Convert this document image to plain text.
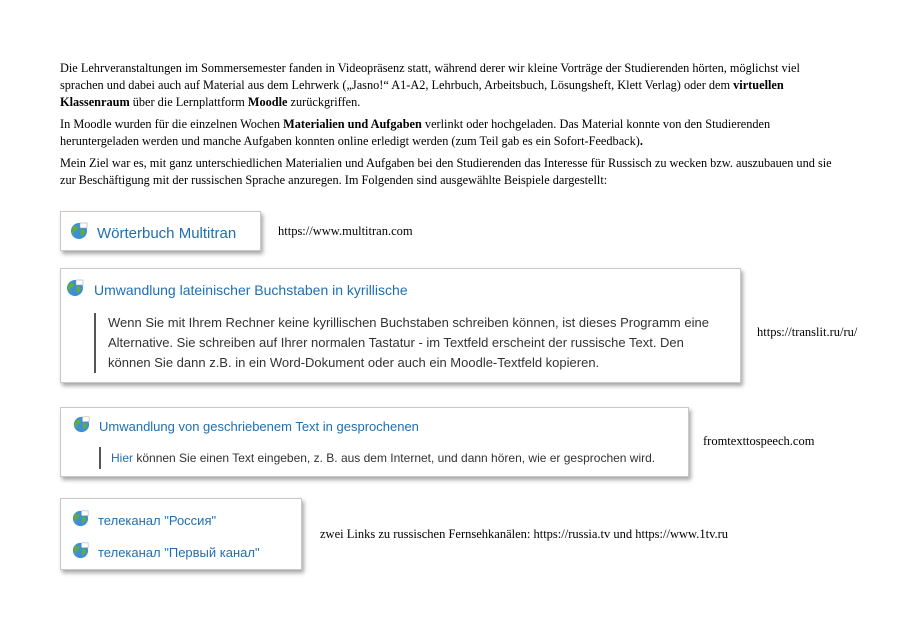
Die Lehrveranstaltungen im Sommersemester fanden in Videopräsenz statt, während derer wir kleine Vorträge der Studierenden hörten, möglichst viel sprachen und dabei auch auf Material aus dem Lehrwerk („Jasno!“ A1-A2, Lehrbuch, Arbeitsbuch, Lösungsheft, Klett Verlag) oder dem virtuellen Klassenraum über die Lernplattform Moodle zurückgriffen.

In Moodle wurden für die einzelnen Wochen Materialien und Aufgaben verlinkt oder hochgeladen. Das Material konnte von den Studierenden heruntergeladen werden und manche Aufgaben konnten online erledigt werden (zum Teil gab es ein Sofort-Feedback).

Mein Ziel war es, mit ganz unterschiedlichen Materialien und Aufgaben bei den Studierenden das Interesse für Russisch zu wecken bzw. auszubauen und sie zur Beschäftigung mit der russischen Sprache anzuregen. Im Folgenden sind ausgewählte Beispiele dargestellt:

Wörterbuch Multitran	https://www.multitran.com
Umwandlung lateinischer Buchstaben in kyrillische
Wenn Sie mit Ihrem Rechner keine kyrillischen Buchstaben schreiben können, ist dieses Programm eine Alternative. Sie schreiben auf Ihrer normalen Tastatur - im Textfeld erscheint der russische Text. Den können Sie dann z.B. in ein Word-Dokument oder auch ein Moodle-Textfeld kopieren.
https://translit.ru/ru/
Umwandlung von geschriebenem Text in gesprochenen
Hier können Sie einen Text eingeben, z. B. aus dem Internet, und dann hören, wie er gesprochen wird.
fromtexttospeech.com
телеканал "Россия"
телеканал "Первый канал"
zwei Links zu russischen Fernsehkanälen: https://russia.tv und https://www.1tv.ru
